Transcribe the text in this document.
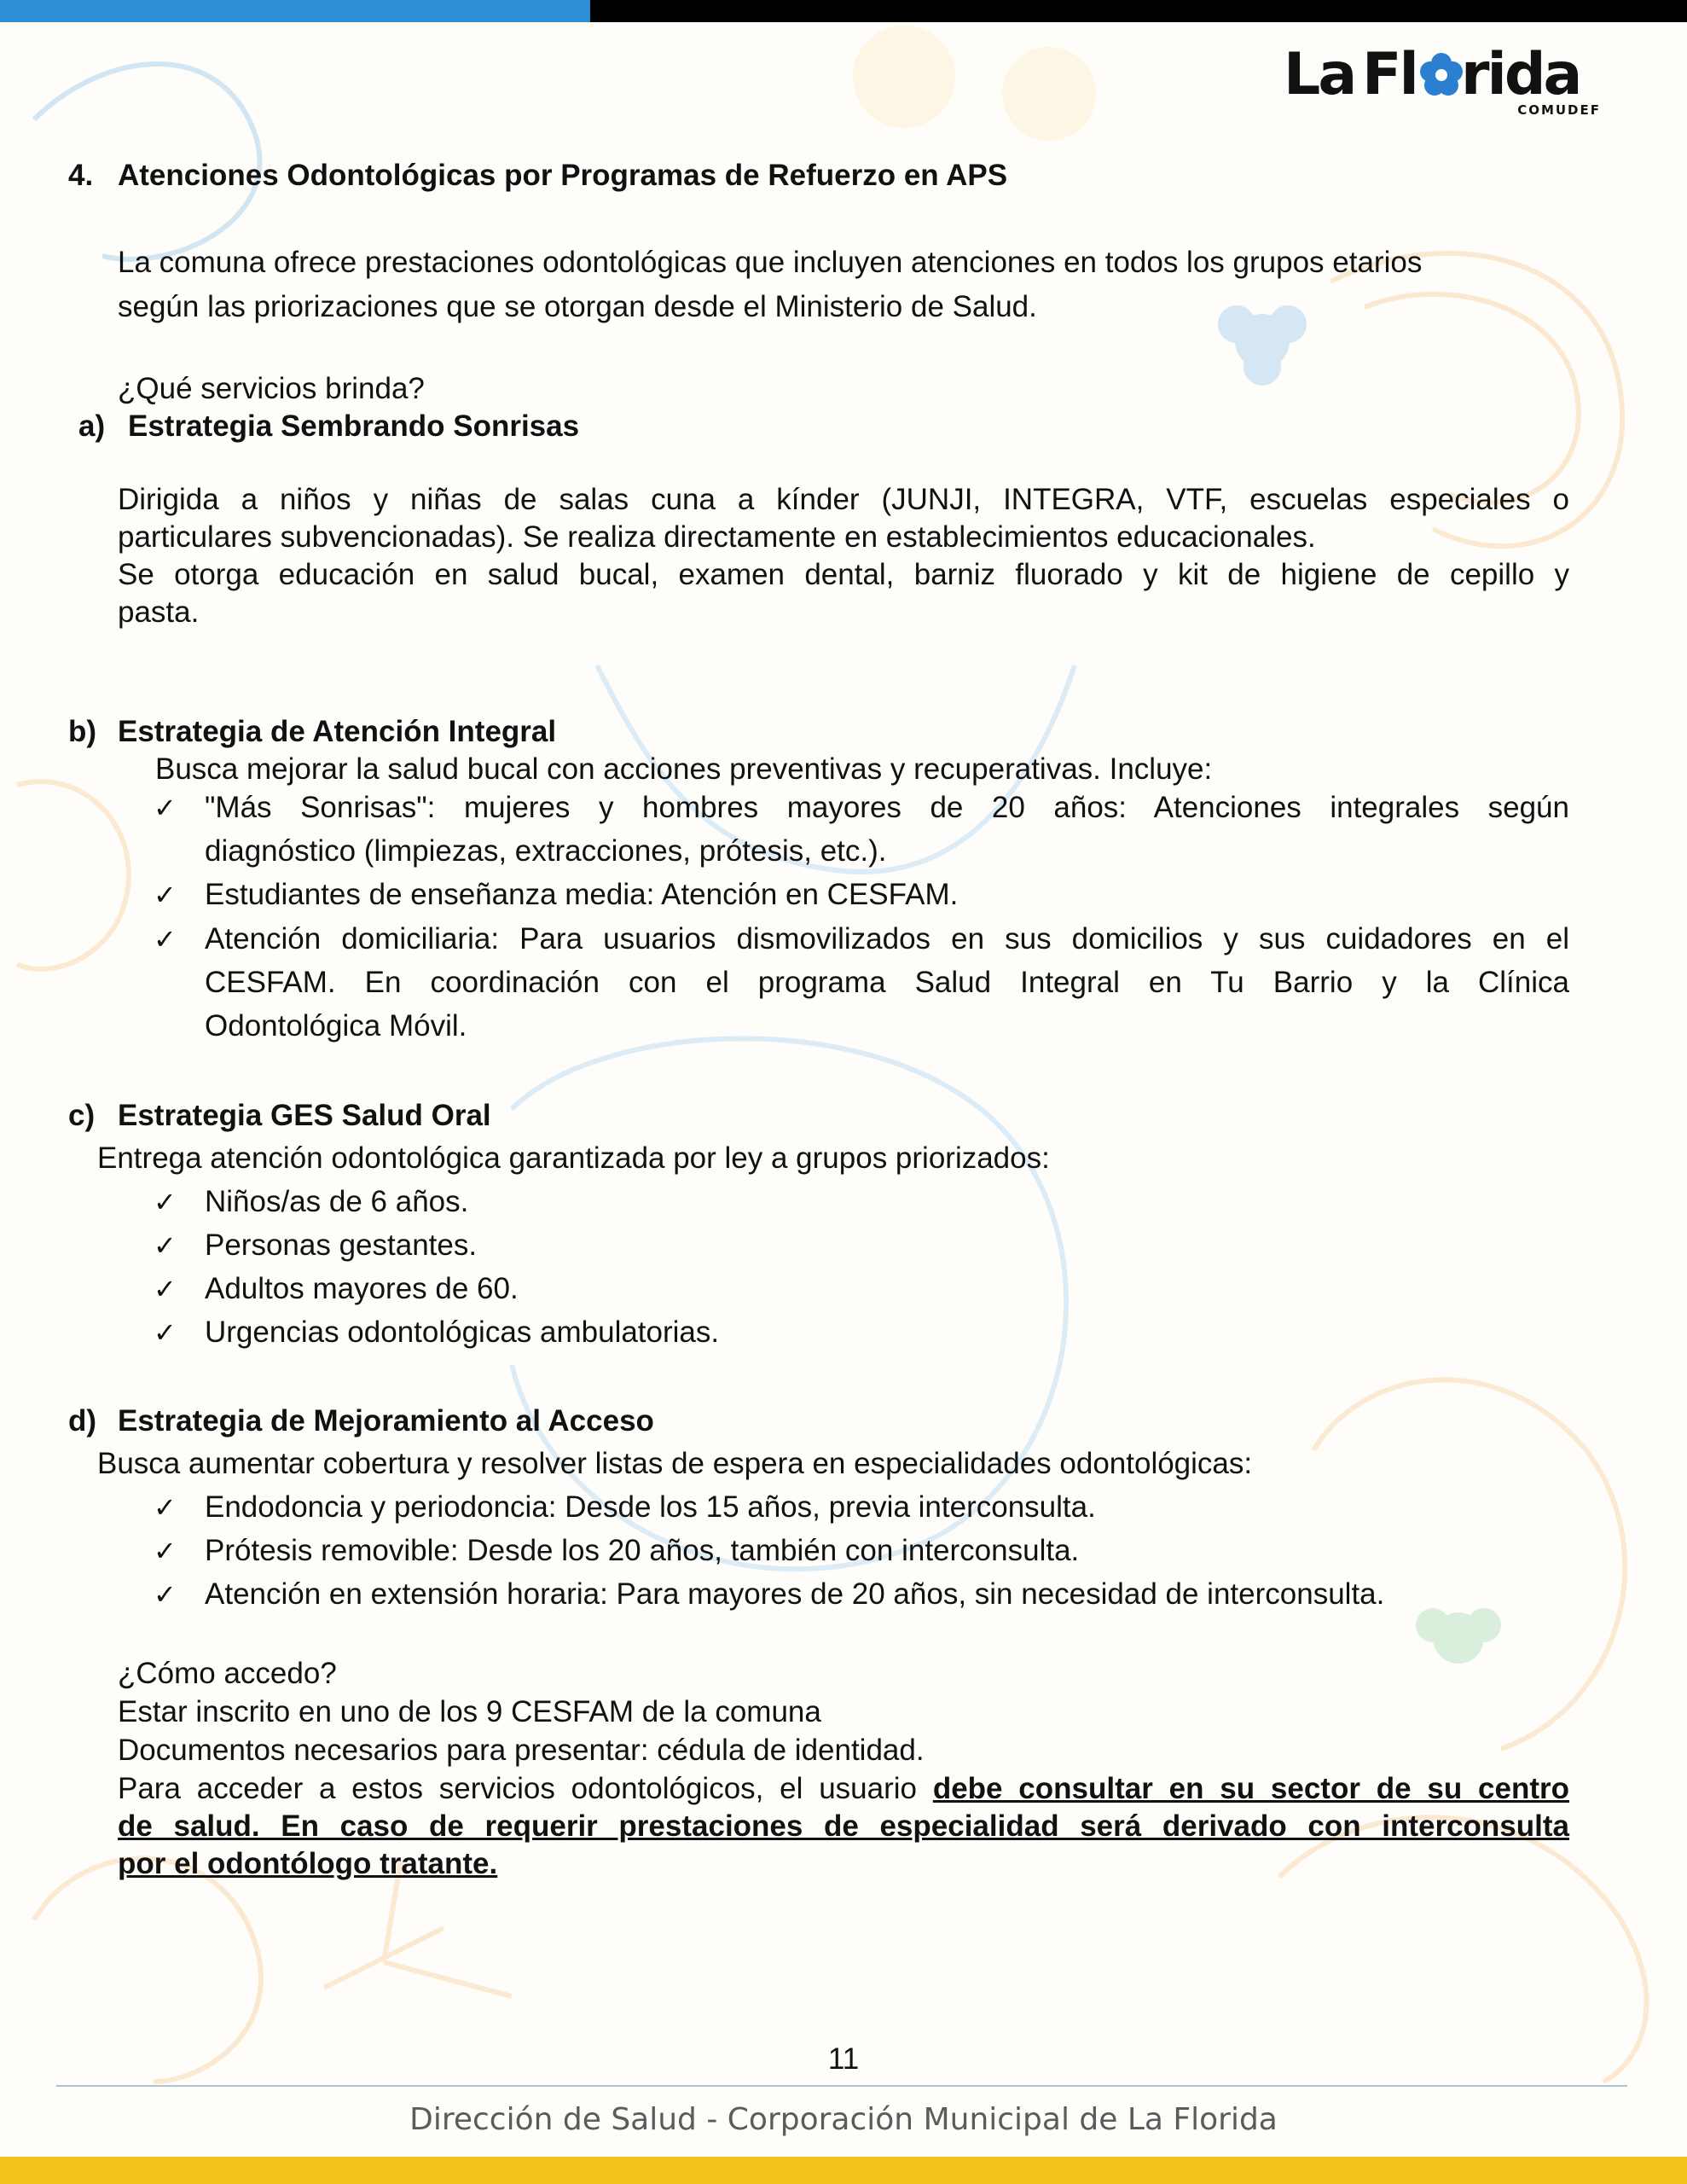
La Fl rida
COMUDEF
4. Atenciones Odontológicas por Programas de Refuerzo en APS
La comuna ofrece prestaciones odontológicas que incluyen atenciones en todos los grupos etarios
según las priorizaciones que se otorgan desde el Ministerio de Salud.
¿Qué servicios brinda?
a) Estrategia Sembrando Sonrisas
Dirigida a niños y niñas de salas cuna a kínder (JUNJI, INTEGRA, VTF, escuelas especiales o
particulares subvencionadas). Se realiza directamente en establecimientos educacionales.
Se otorga educación en salud bucal, examen dental, barniz fluorado y kit de higiene de cepillo y
pasta.
b) Estrategia de Atención Integral
Busca mejorar la salud bucal con acciones preventivas y recuperativas. Incluye:
✓ "Más Sonrisas": mujeres y hombres mayores de 20 años: Atenciones integrales según
diagnóstico (limpiezas, extracciones, prótesis, etc.).
✓ Estudiantes de enseñanza media: Atención en CESFAM.
✓ Atención domiciliaria: Para usuarios dismovilizados en sus domicilios y sus cuidadores en el
CESFAM. En coordinación con el programa Salud Integral en Tu Barrio y la Clínica
Odontológica Móvil.
c) Estrategia GES Salud Oral
Entrega atención odontológica garantizada por ley a grupos priorizados:
✓ Niños/as de 6 años.
✓ Personas gestantes.
✓ Adultos mayores de 60.
✓ Urgencias odontológicas ambulatorias.
d) Estrategia de Mejoramiento al Acceso
Busca aumentar cobertura y resolver listas de espera en especialidades odontológicas:
✓ Endodoncia y periodoncia: Desde los 15 años, previa interconsulta.
✓ Prótesis removible: Desde los 20 años, también con interconsulta.
✓ Atención en extensión horaria: Para mayores de 20 años, sin necesidad de interconsulta.
¿Cómo accedo?
Estar inscrito en uno de los 9 CESFAM de la comuna
Documentos necesarios para presentar: cédula de identidad.
Para acceder a estos servicios odontológicos, el usuario debe consultar en su sector de su centro
de salud. En caso de requerir prestaciones de especialidad será derivado con interconsulta
por el odontólogo tratante.
11
Dirección de Salud - Corporación Municipal de La Florida
